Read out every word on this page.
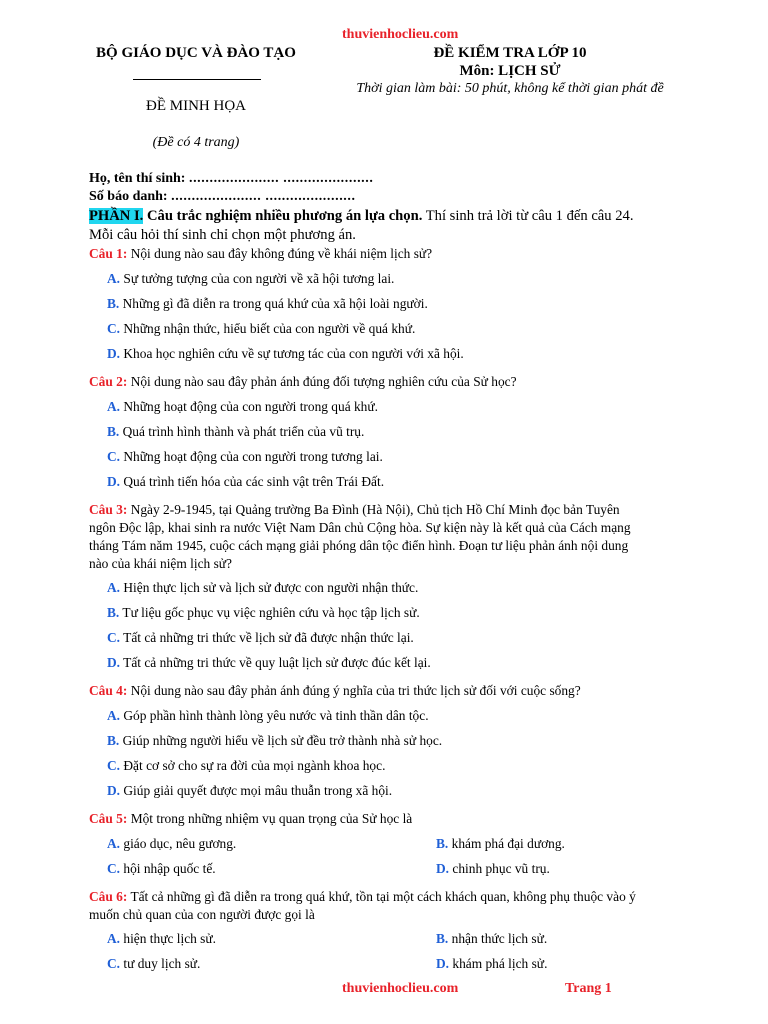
thuvienhoclieu.com
BỘ GIÁO DỤC VÀ ĐÀO TẠO
ĐỀ MINH HỌA
(Đề có 4 trang)
ĐỀ KIỂM TRA LỚP 10
Môn: LỊCH SỬ
Thời gian làm bài: 50 phút, không kể thời gian phát đề
Họ, tên thí sinh: ...................... ......................
Số báo danh: ...................... ......................
PHẦN I. Câu trắc nghiệm nhiều phương án lựa chọn. Thí sinh trả lời từ câu 1 đến câu 24.
Mỗi câu hỏi thí sinh chỉ chọn một phương án.
Câu 1: Nội dung nào sau đây không đúng về khái niệm lịch sử?
A. Sự tưởng tượng của con người về xã hội tương lai.
B. Những gì đã diễn ra trong quá khứ của xã hội loài người.
C. Những nhận thức, hiểu biết của con người về quá khứ.
D. Khoa học nghiên cứu về sự tương tác của con người với xã hội.
Câu 2: Nội dung nào sau đây phản ánh đúng đối tượng nghiên cứu của Sử học?
A. Những hoạt động của con người trong quá khứ.
B. Quá trình hình thành và phát triển của vũ trụ.
C. Những hoạt động của con người trong tương lai.
D. Quá trình tiến hóa của các sinh vật trên Trái Đất.
Câu 3: Ngày 2-9-1945, tại Quảng trường Ba Đình (Hà Nội), Chủ tịch Hồ Chí Minh đọc bản Tuyên
ngôn Độc lập, khai sinh ra nước Việt Nam Dân chủ Cộng hòa. Sự kiện này là kết quả của Cách mạng
tháng Tám năm 1945, cuộc cách mạng giải phóng dân tộc điển hình. Đoạn tư liệu phản ánh nội dung
nào của khái niệm lịch sử?
A. Hiện thực lịch sử và lịch sử được con người nhận thức.
B. Tư liệu gốc phục vụ việc nghiên cứu và học tập lịch sử.
C. Tất cả những tri thức về lịch sử đã được nhận thức lại.
D. Tất cả những tri thức về quy luật lịch sử được đúc kết lại.
Câu 4: Nội dung nào sau đây phản ánh đúng ý nghĩa của tri thức lịch sử đối với cuộc sống?
A. Góp phần hình thành lòng yêu nước và tinh thần dân tộc.
B. Giúp những người hiểu về lịch sử đều trở thành nhà sử học.
C. Đặt cơ sở cho sự ra đời của mọi ngành khoa học.
D. Giúp giải quyết được mọi mâu thuẫn trong xã hội.
Câu 5: Một trong những nhiệm vụ quan trọng của Sử học là
A. giáo dục, nêu gương.	B. khám phá đại dương.
C. hội nhập quốc tế.	D. chinh phục vũ trụ.
Câu 6: Tất cả những gì đã diễn ra trong quá khứ, tồn tại một cách khách quan, không phụ thuộc vào ý
muốn chủ quan của con người được gọi là
A. hiện thực lịch sử.	B. nhận thức lịch sử.
C. tư duy lịch sử.	D. khám phá lịch sử.
thuvienhoclieu.com	Trang 1
